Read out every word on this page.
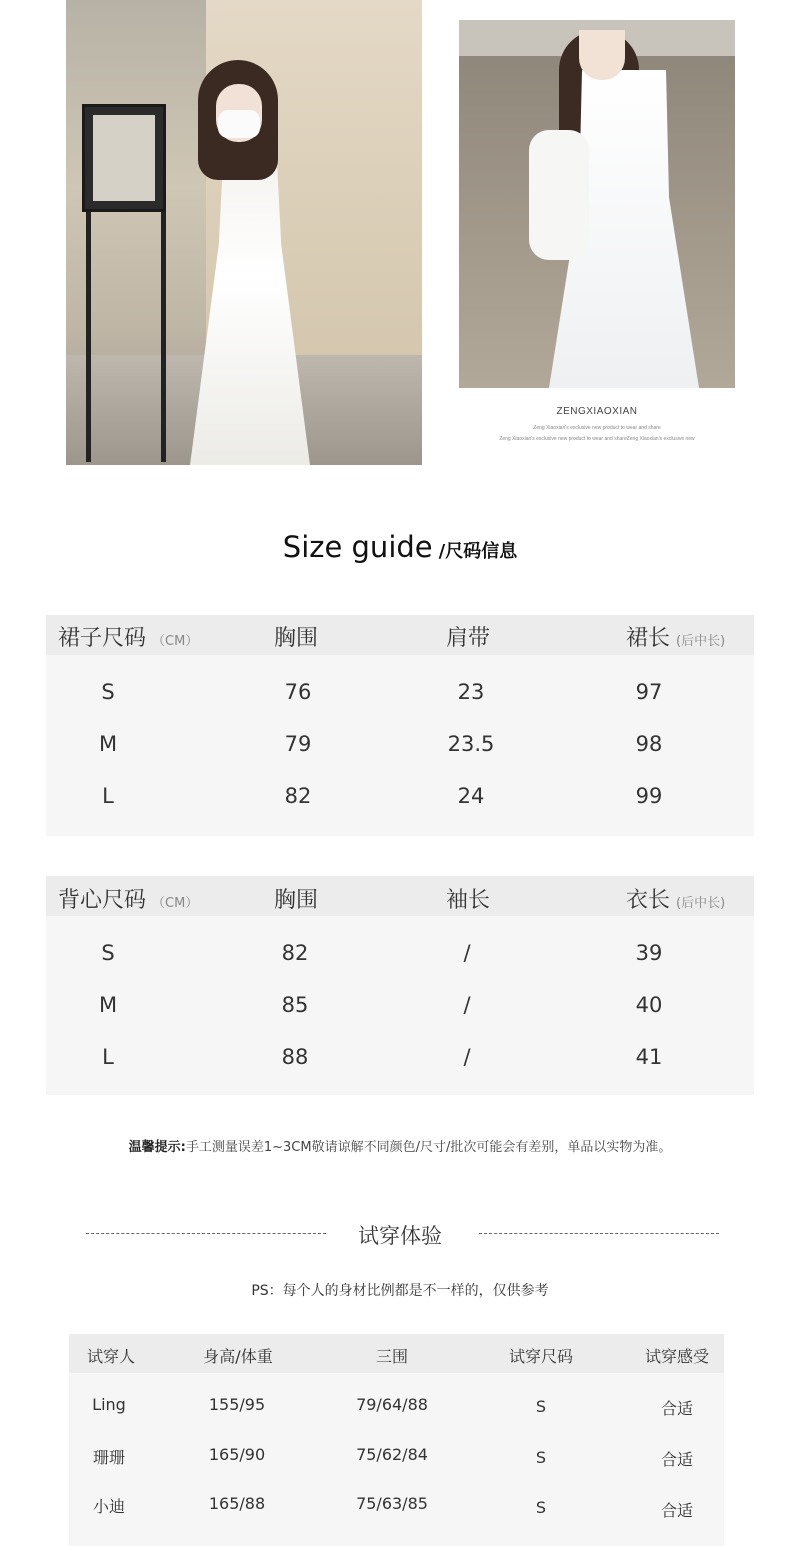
ZENGXIAOXIAN
Zeng Xiaoxian's exclusive new product to wear and share
Zeng Xiaoxian's exclusive new product to wear and shareZeng Xiaoxian's exclusive new
Size guide /尺码信息
裙子尺码 （CM）	胸围	肩带	裙长 (后中长)
S	76	23	97
M	79	23.5	98
L	82	24	99
背心尺码 （CM）	胸围	袖长	衣长 (后中长)
S	82	/	39
M	85	/	40
L	88	/	41
温馨提示:手工测量误差1~3CM敬请谅解不同颜色/尺寸/批次可能会有差别，单品以实物为准。
试穿体验
PS：每个人的身材比例都是不一样的，仅供参考
试穿人	身高/体重	三围	试穿尺码	试穿感受
Ling	155/95	79/64/88	S	合适
珊珊	165/90	75/62/84	S	合适
小迪	165/88	75/63/85	S	合适
